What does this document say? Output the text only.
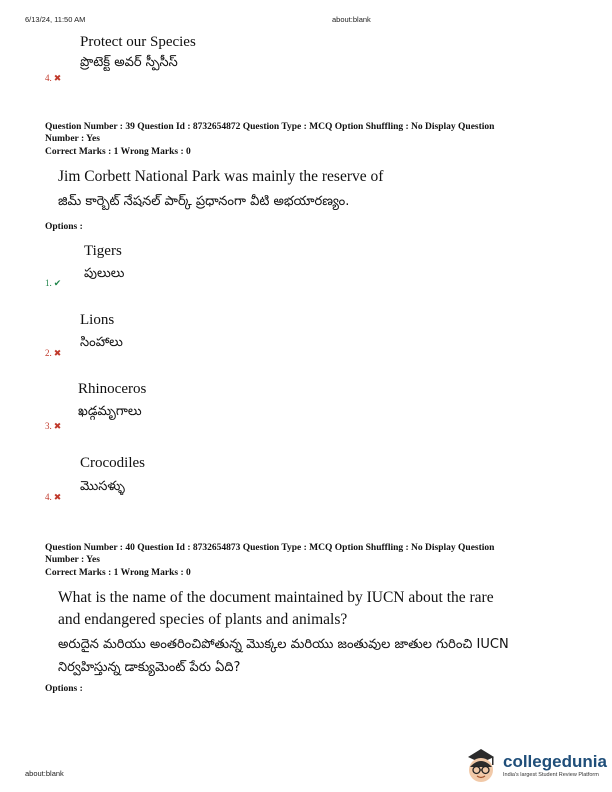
6/13/24, 11:50 AM	about:blank
Protect our Species
ప్రొటెక్ట్ అవర్ స్పీసీస్
4. ✖
Question Number : 39 Question Id : 8732654872 Question Type : MCQ Option Shuffling : No Display Question
Number : Yes
Correct Marks : 1 Wrong Marks : 0
Jim Corbett National Park was mainly the reserve of
జిమ్ కార్బెట్ నేషనల్ పార్క్ ప్రధానంగా వీటి అభయారణ్యం.
Options :
Tigers
పులులు
1. ✔
Lions
సింహాలు
2. ✖
Rhinoceros
ఖడ్గమృగాలు
3. ✖
Crocodiles
మొసళ్ళు
4. ✖
Question Number : 40 Question Id : 8732654873 Question Type : MCQ Option Shuffling : No Display Question
Number : Yes
Correct Marks : 1 Wrong Marks : 0
What is the name of the document maintained by IUCN about the rare
and endangered species of plants and animals?
అరుదైన మరియు అంతరించిపోతున్న మొక్కల మరియు జంతువుల జాతుల గురించి IUCN
నిర్వహిస్తున్న డాక్యుమెంట్ పేరు ఏది?
Options :
about:blank
collegedunia
India's largest Student Review Platform
